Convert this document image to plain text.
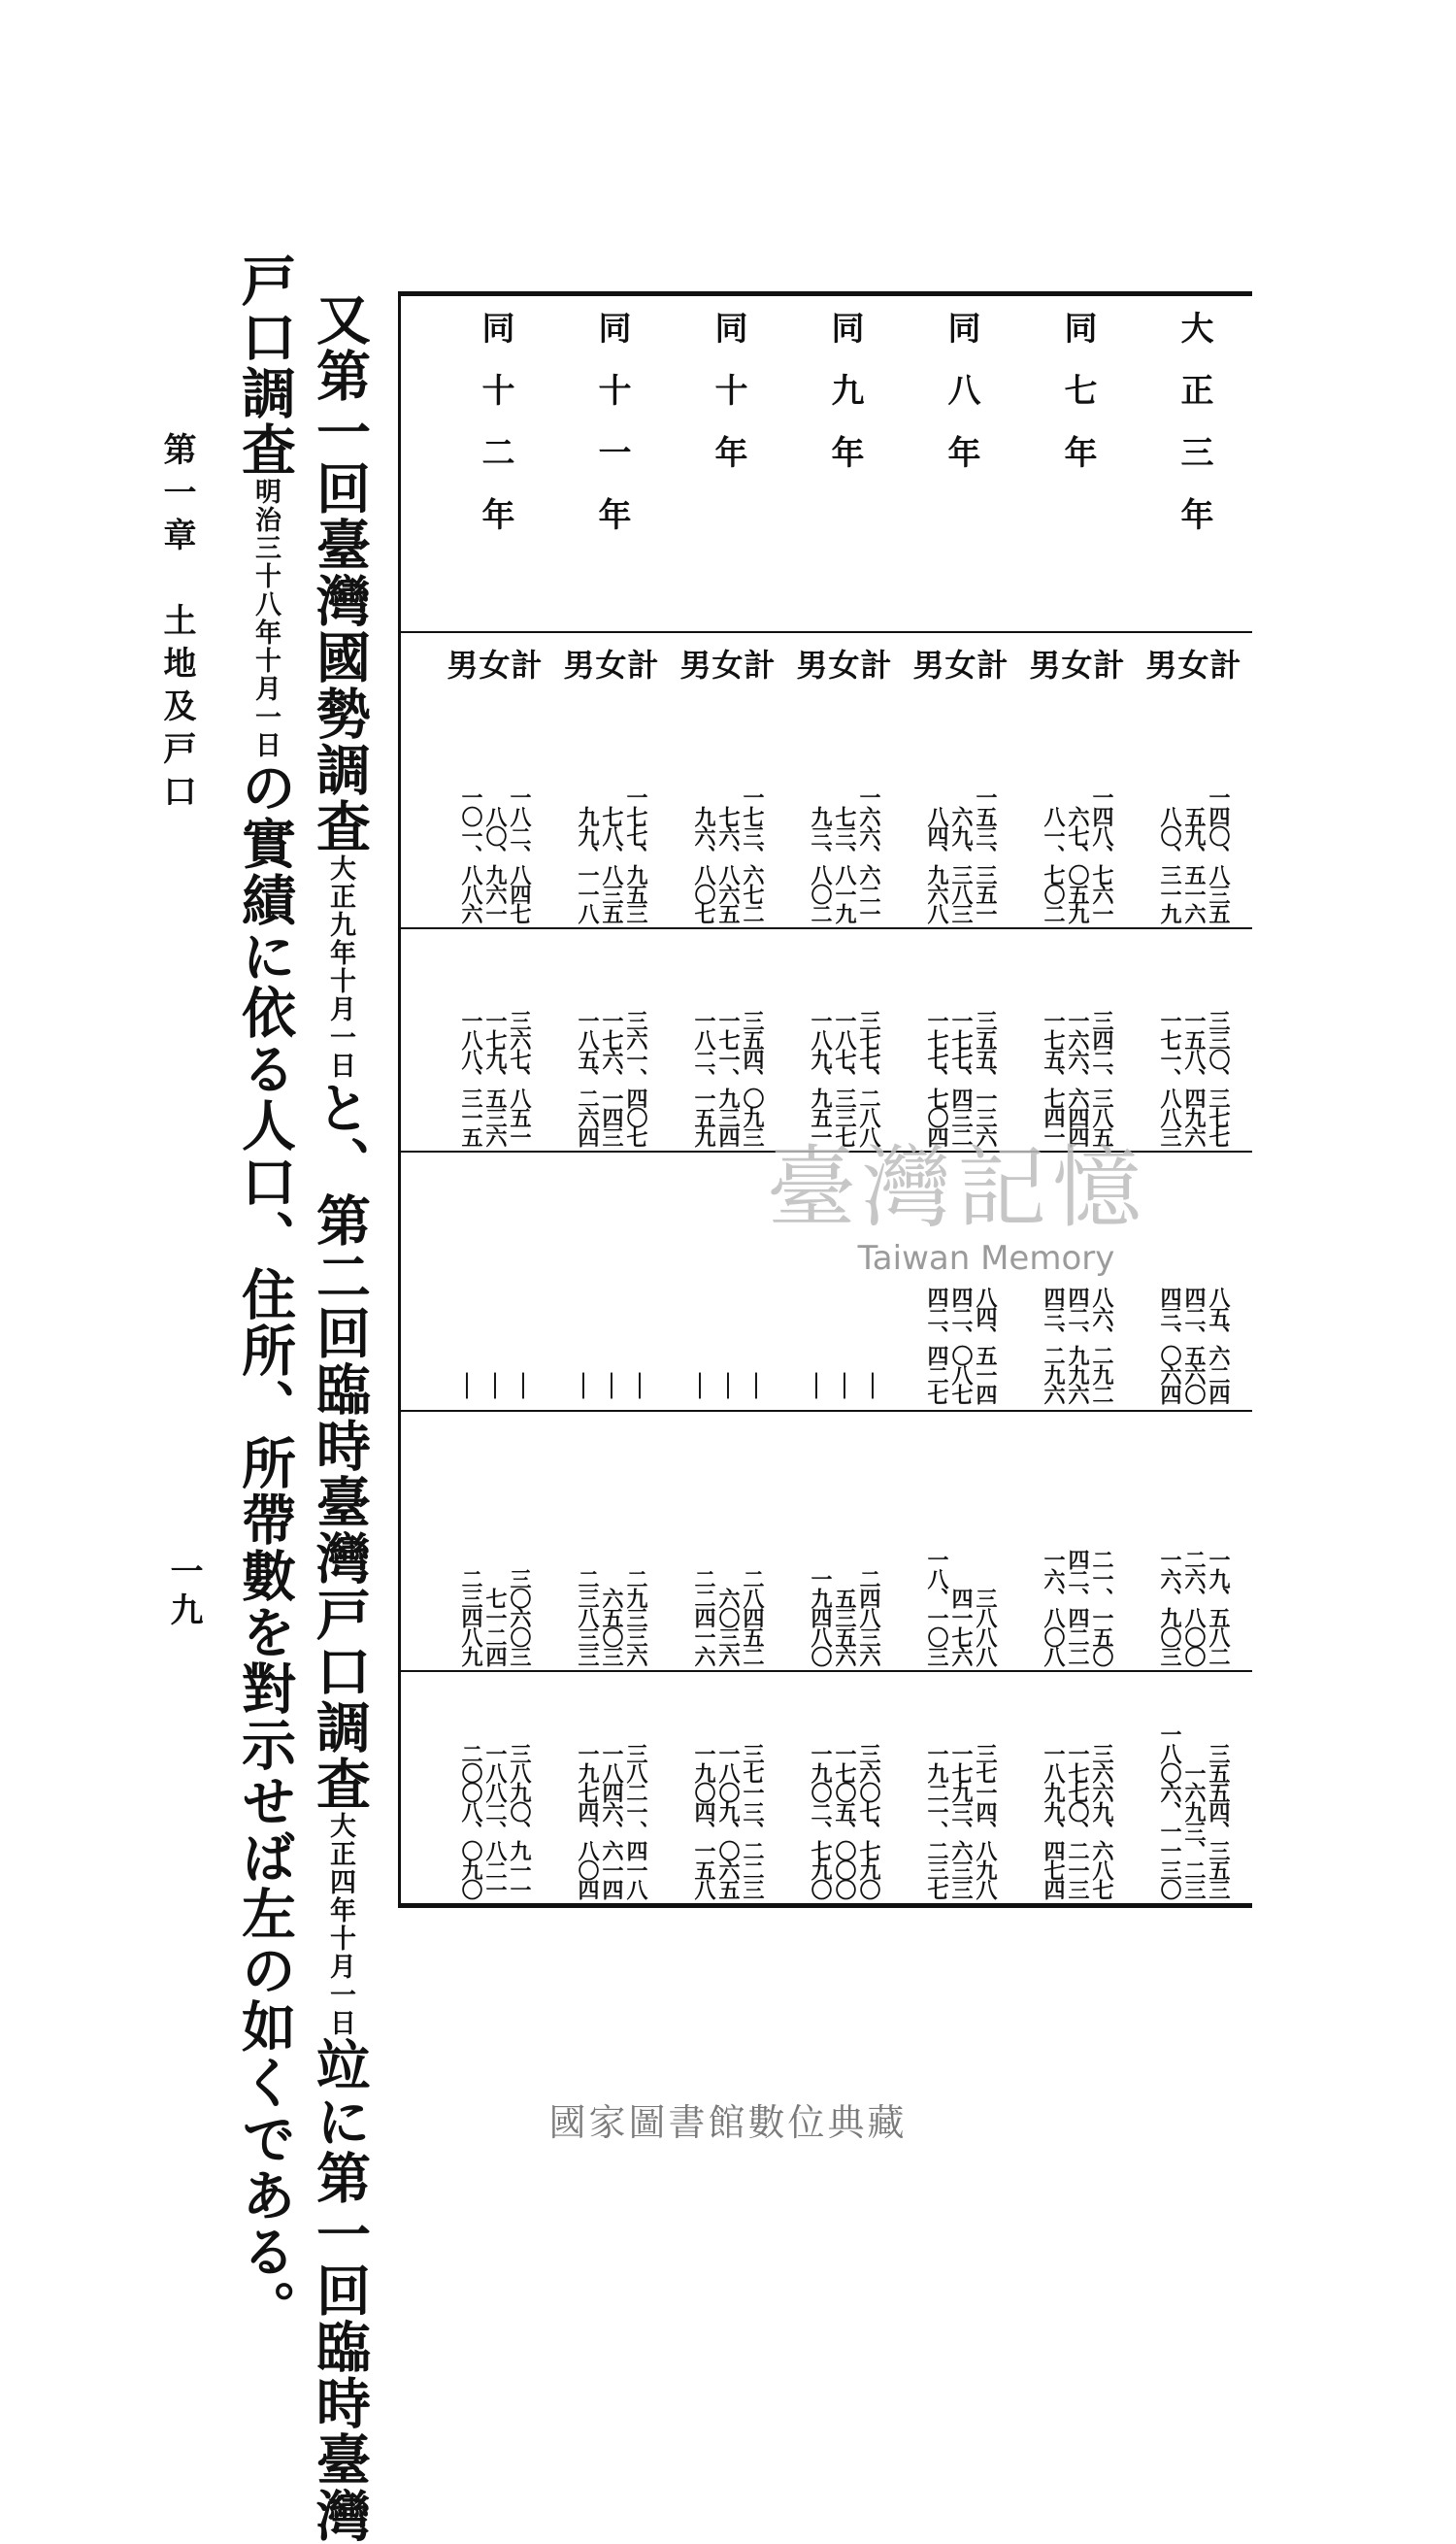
第一章　土地及戸口
一九
又第一回臺灣國勢調査
大正九年
十月一日
と、第二回臨時臺灣戸口調査
大正四年
十月一日
竝に第一回臨時臺灣
戸口調査
明治三十八
年十月一日
の實績に依る人口、住所、所帶數を對示せば左の如くである。
大正三年
男女計
八〇、三一九 五九、五一六 一四〇、八三五
一七一、八八三 一五八、四九六 三三〇、三七七
四三、〇六四 四二、五六〇 八五、六二四
一六、九〇三 二六、八〇〇 一九、五八二
一八〇六、一一三〇 一六九三、二三 三五五四、三五三
同七年
男女計
八一、七〇二 六七、〇五九 一四八、七六一
一七五、七四一 一六六、六四四 三四二、三八五
四三、二九六 四二、九九六 八六、二九二
一六、八〇八 四二、四二二 二一、一五〇
一八九九、四七四 一七七〇、二一三 三六六九、六八七
同八年
男女計
八四、九六八 六九、三八三 一五三、三五一
一七七、七〇四 一七七、四三二 三五五、一三六
四二、四二七 四二、〇八七 八四、五一四
一八、一〇三 四一七六 三八八八
一九二一、二三七 一七九三、六三三 三七一四、八九八
同九年
男女計
九三、八〇二 七三、八一九 一六六、六二一
一八九、九五一 一八七、三三七 三七七、二八八
｜ ｜ ｜
一九四八〇 五三五六 二四八三六
一九〇二、七九〇 一七〇五、〇〇〇 三六〇七、七九〇
同十年
男女計
九六、八〇七 七六、八六五 一七三、六七二
一八二、一五九 一七一、九三四 三五四、〇九三
｜ ｜ ｜
二二四一六 六〇三六 二八四五二
一九〇四、一五八 一八〇九、〇六五 三七一三、二二三
同十一年
男女計
九九、一一八 七八、八三五 一七七、九五三
一八五、二六四 一七六、一四三 三六一、四〇七
｜ ｜ ｜
二三八三三 六五〇三 二九三三六
一九七四、八〇四 一八四六、六一四 三八二一、四一八
同十二年
男女計
一〇一、八八六 八〇、九六一 一八二、八四七
一八八、三一五 一七九、五三六 三六七、八五一
｜ ｜ ｜
二三四八九 七一二四 三〇六〇三
二〇〇八、〇九〇 一八八二、八二一 三八九〇、九一一
臺灣記憶
Taiwan Memory
國家圖書館數位典藏
